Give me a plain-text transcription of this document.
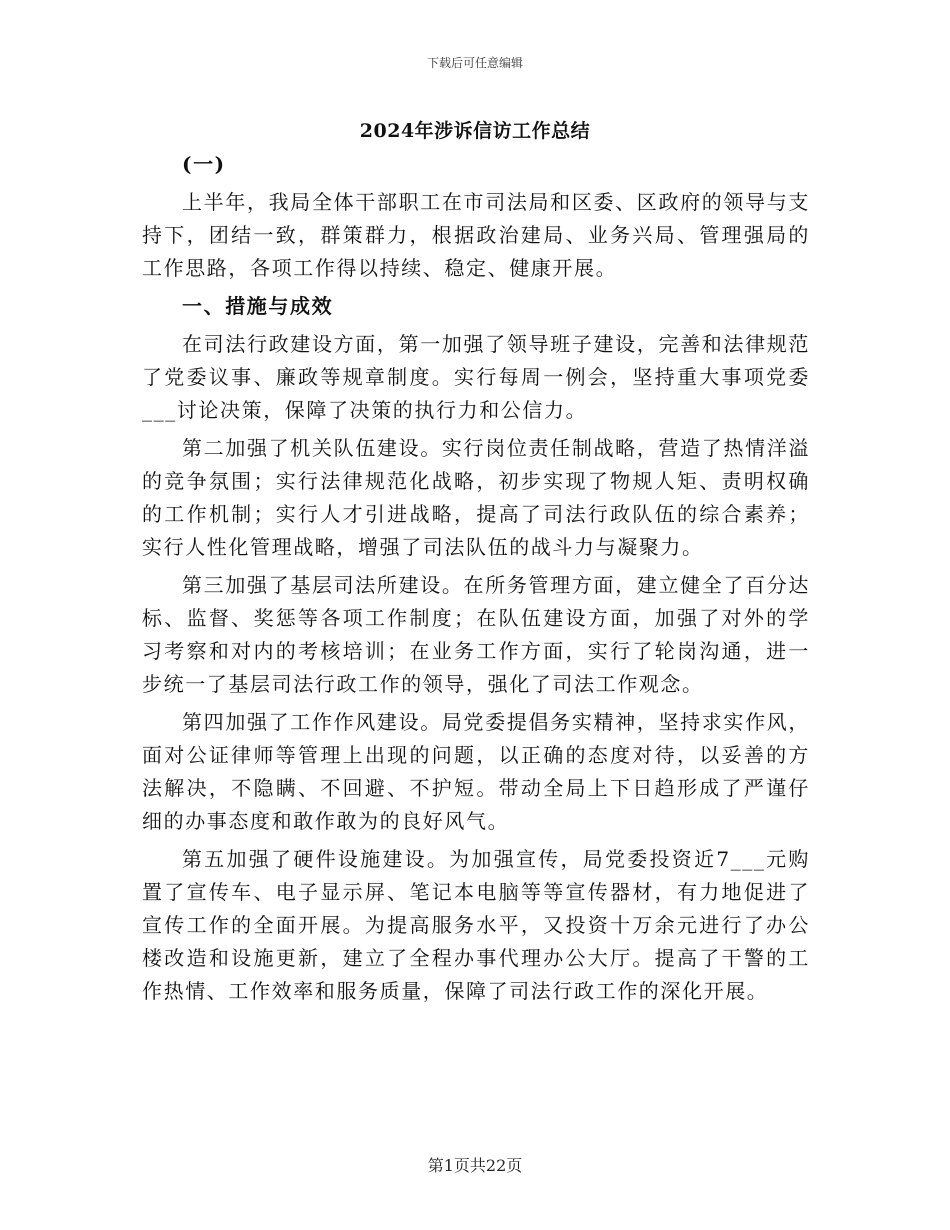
下载后可任意编辑
2024年涉诉信访工作总结

(一)

上半年，我局全体干部职工在市司法局和区委、区政府的领导与支持下，团结一致，群策群力，根据政治建局、业务兴局、管理强局的工作思路，各项工作得以持续、稳定、健康开展。

一、措施与成效

在司法行政建设方面，第一加强了领导班子建设，完善和法律规范了党委议事、廉政等规章制度。实行每周一例会，坚持重大事项党委___讨论决策，保障了决策的执行力和公信力。

第二加强了机关队伍建设。实行岗位责任制战略，营造了热情洋溢的竞争氛围；实行法律规范化战略，初步实现了物规人矩、责明权确的工作机制；实行人才引进战略，提高了司法行政队伍的综合素养；实行人性化管理战略，增强了司法队伍的战斗力与凝聚力。

第三加强了基层司法所建设。在所务管理方面，建立健全了百分达标、监督、奖惩等各项工作制度；在队伍建设方面，加强了对外的学习考察和对内的考核培训；在业务工作方面，实行了轮岗沟通，进一步统一了基层司法行政工作的领导，强化了司法工作观念。

第四加强了工作作风建设。局党委提倡务实精神，坚持求实作风，面对公证律师等管理上出现的问题，以正确的态度对待，以妥善的方法解决，不隐瞒、不回避、不护短。带动全局上下日趋形成了严谨仔细的办事态度和敢作敢为的良好风气。

第五加强了硬件设施建设。为加强宣传，局党委投资近7___元购置了宣传车、电子显示屏、笔记本电脑等等宣传器材，有力地促进了宣传工作的全面开展。为提高服务水平，又投资十万余元进行了办公楼改造和设施更新，建立了全程办事代理办公大厅。提高了干警的工作热情、工作效率和服务质量，保障了司法行政工作的深化开展。

第1页共22页
